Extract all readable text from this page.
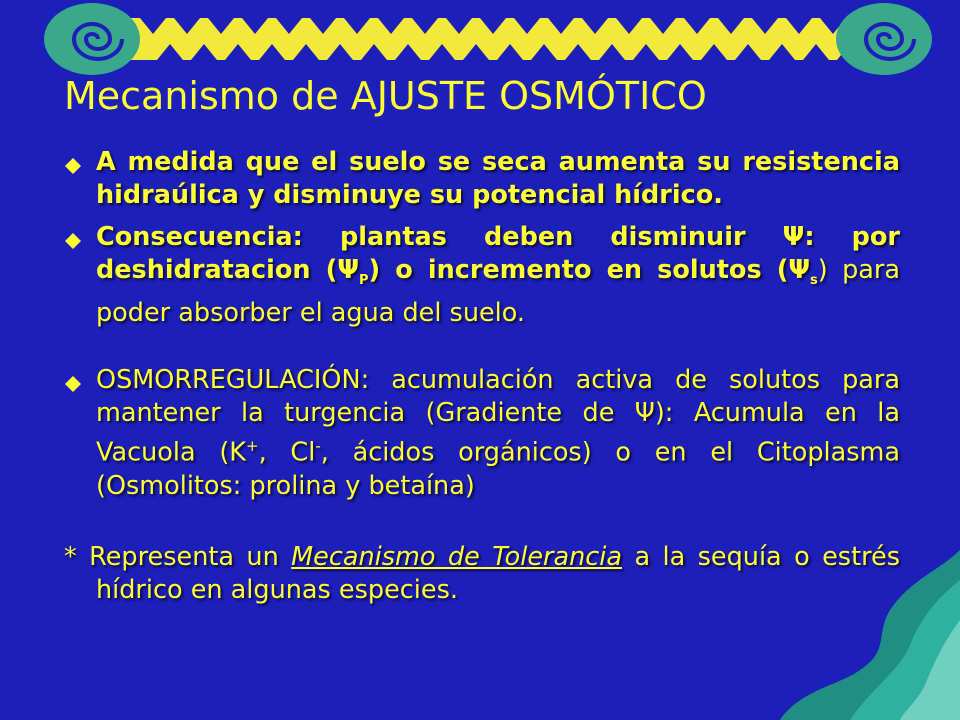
Mecanismo de AJUSTE OSMÓTICO
A medida que el suelo se seca aumenta su resistencia hidraúlica y disminuye su potencial hídrico.
Consecuencia: plantas deben disminuir Ψ: por deshidratacion $(\Psi_P)$ o incremento en solutos $(\Psi_s)$ para poder absorber el agua del suelo.
OSMORREGULACIÓN: acumulación activa de solutos para mantener la turgencia (Gradiente de Ψ): Acumula en la Vacuola (K+, Cl-, ácidos orgánicos) o en el Citoplasma (Osmolitos: prolina y betaína)
* Representa un Mecanismo de Tolerancia a la sequía o estrés hídrico en algunas especies.
